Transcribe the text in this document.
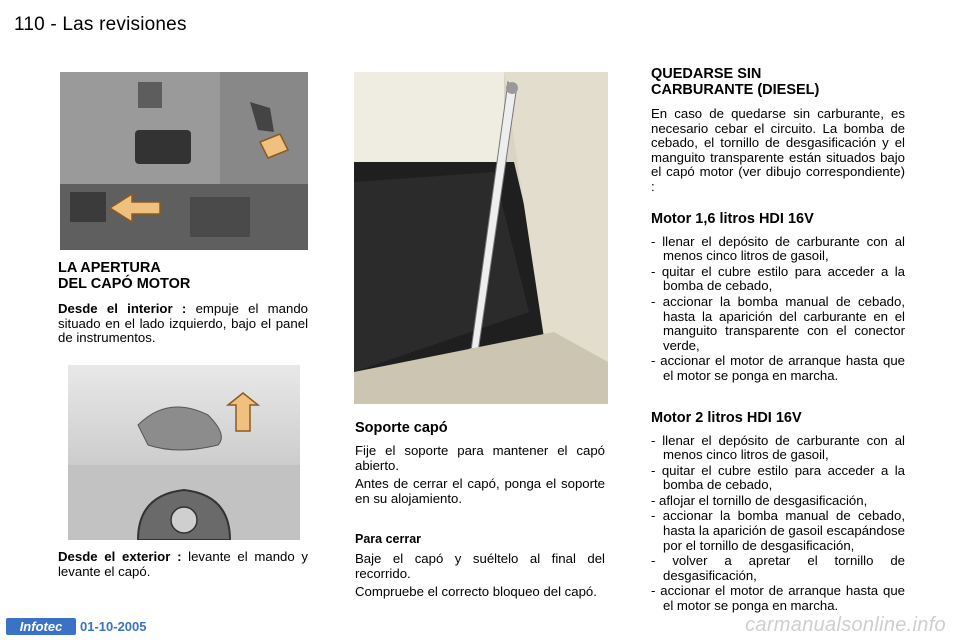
110 - Las revisiones
LA APERTURA
DEL CAPÓ MOTOR
Desde el interior : empuje el mando situado en el lado izquierdo, bajo el panel de instrumentos.
Desde el exterior : levante el mando y levante el capó.
Soporte capó
Fije el soporte para mantener el capó abierto.
Antes de cerrar el capó, ponga el soporte en su alojamiento.
Para cerrar
Baje el capó y suéltelo al final del recorrido.
Compruebe el correcto bloqueo del capó.
QUEDARSE SIN
CARBURANTE (DIESEL)
En caso de quedarse sin carburante, es necesario cebar el circuito. La bomba de cebado, el tornillo de desgasificación y el manguito transparente están situados bajo el capó motor (ver dibujo correspondiente) :
Motor 1,6 litros HDI 16V
- llenar el depósito de carburante con al menos cinco litros de gasoil,
- quitar el cubre estilo para acceder a la bomba de cebado,
- accionar la bomba manual de cebado, hasta la aparición del carburante en el manguito transparente con el conector verde,
- accionar el motor de arranque hasta que el motor se ponga en marcha.
Motor 2 litros HDI 16V
- llenar el depósito de carburante con al menos cinco litros de gasoil,
- quitar el cubre estilo para acceder a la bomba de cebado,
- aflojar el tornillo de desgasificación,
- accionar la bomba manual de cebado, hasta la aparición de gasoil escapándose por el tornillo de desgasificación,
- volver a apretar el tornillo de desgasificación,
- accionar el motor de arranque hasta que el motor se ponga en marcha.
Infotec	01-10-2005	carmanualsonline.info
